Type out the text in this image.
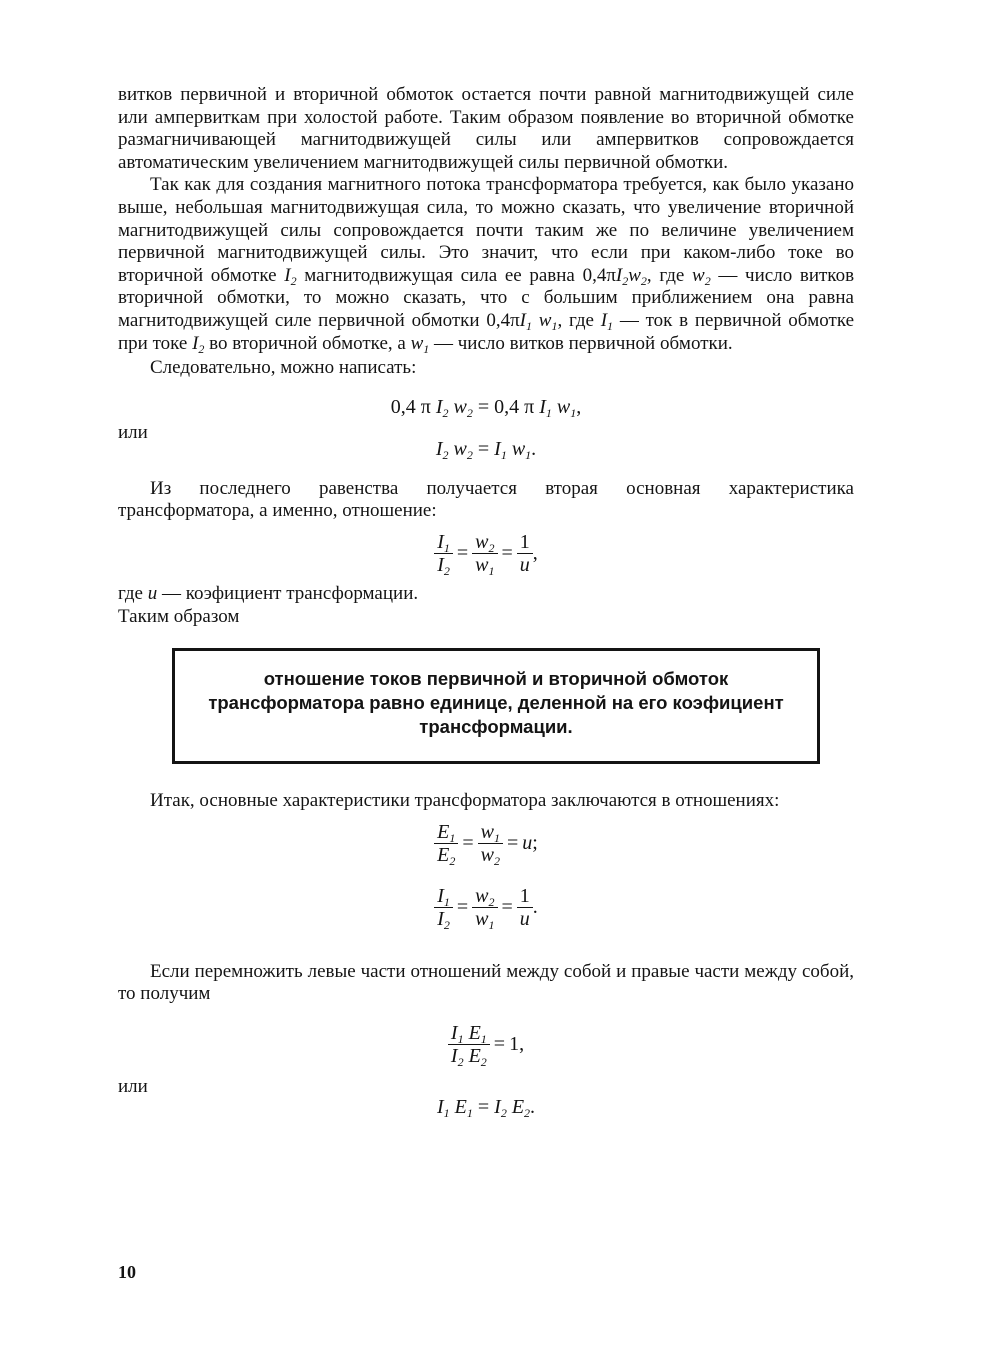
витков первичной и вторичной обмоток остается почти равной магнитодвижущей силе или ампервиткам при холостой работе. Таким образом появление во вторичной обмотке размагничивающей магнитодвижущей силы или ампервитков сопровождается автоматическим увеличением магнитодвижущей силы первичной обмотки.

Так как для создания магнитного потока трансформатора требуется, как было указано выше, небольшая магнитодвижущая сила, то можно сказать, что увеличение вторичной магнитодвижущей силы сопровождается почти таким же по величине увеличением первичной магнитодвижущей силы. Это значит, что если при каком-либо токе во вторичной обмотке $I_2$ магнитодвижущая сила ее равна $0,4\pi I_2w_2$, где $w_2$ — число витков вторичной обмотки, то можно сказать, что с большим приближением она равна магнитодвижущей силе первичной обмотки $0,4\pi I_1$ $w_1$, где $I_1$ — ток в первичной обмотке при токе $I_2$ во вторичной обмотке, а $w_1$ — число витков первичной обмотки.

Следовательно, можно написать:

0,4 π $I_2$ $w_2 = 0,4$ π $I_1$ $w_1$,
или
$I_2$ $w_2 = I_1$ $w_1$.

Из последнего равенства получается вторая основная характеристика трансформатора, а именно, отношение:

$\frac{I_1}{I_2} = \frac{w_2}{w_1} = \frac{1}{u}$ ,

где u — коэфициент трансформации.

Таким образом

отношение токов первичной и вторичной обмоток трансформатора равно единице, деленной на его коэфициент трансформации.

Итак, основные характеристики трансформатора заключаются в отношениях:

$\frac{E_1}{E_2} = \frac{w_1}{w_2} = u$ ;
$\frac{I_1}{I_2} = \frac{w_2}{w_1} = \frac{1}{u}$ .

Если перемножить левые части отношений между собой и правые части между собой, то получим

$\frac{I_1 E_1}{I_2 E_2} = 1$ ,
или
$I_1$ $E_1 = I_2$ $E_2$.
10
